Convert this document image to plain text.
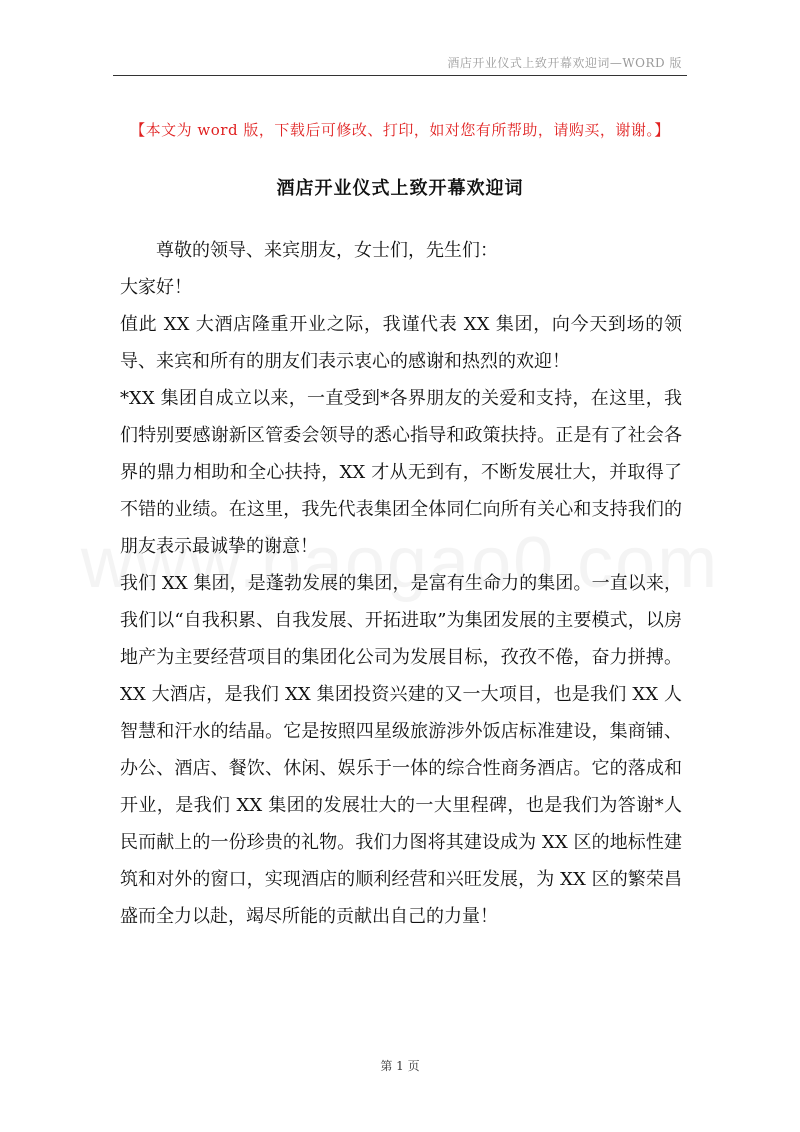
酒店开业仪式上致开幕欢迎词—WORD 版
【本文为 word 版，下载后可修改、打印，如对您有所帮助，请购买，谢谢。】
酒店开业仪式上致开幕欢迎词

尊敬的领导、来宾朋友，女士们，先生们：

大家好！

值此 XX 大酒店隆重开业之际，我谨代表 XX 集团，向今天到场的领导、来宾和所有的朋友们表示衷心的感谢和热烈的欢迎！

*XX 集团自成立以来，一直受到*各界朋友的关爱和支持，在这里，我们特别要感谢新区管委会领导的悉心指导和政策扶持。正是有了社会各界的鼎力相助和全心扶持，XX 才从无到有，不断发展壮大，并取得了不错的业绩。在这里，我先代表集团全体同仁向所有关心和支持我们的朋友表示最诚挚的谢意！

我们 XX 集团，是蓬勃发展的集团，是富有生命力的集团。一直以来，我们以“自我积累、自我发展、开拓进取”为集团发展的主要模式，以房地产为主要经营项目的集团化公司为发展目标，孜孜不倦，奋力拼搏。XX 大酒店，是我们 XX 集团投资兴建的又一大项目，也是我们 XX 人智慧和汗水的结晶。它是按照四星级旅游涉外饭店标准建设，集商铺、办公、酒店、餐饮、休闲、娱乐于一体的综合性商务酒店。它的落成和开业，是我们 XX 集团的发展壮大的一大里程碑，也是我们为答谢*人民而献上的一份珍贵的礼物。我们力图将其建设成为 XX 区的地标性建筑和对外的窗口，实现酒店的顺利经营和兴旺发展，为 XX 区的繁荣昌盛而全力以赴，竭尽所能的贡献出自己的力量！

第 1 页
